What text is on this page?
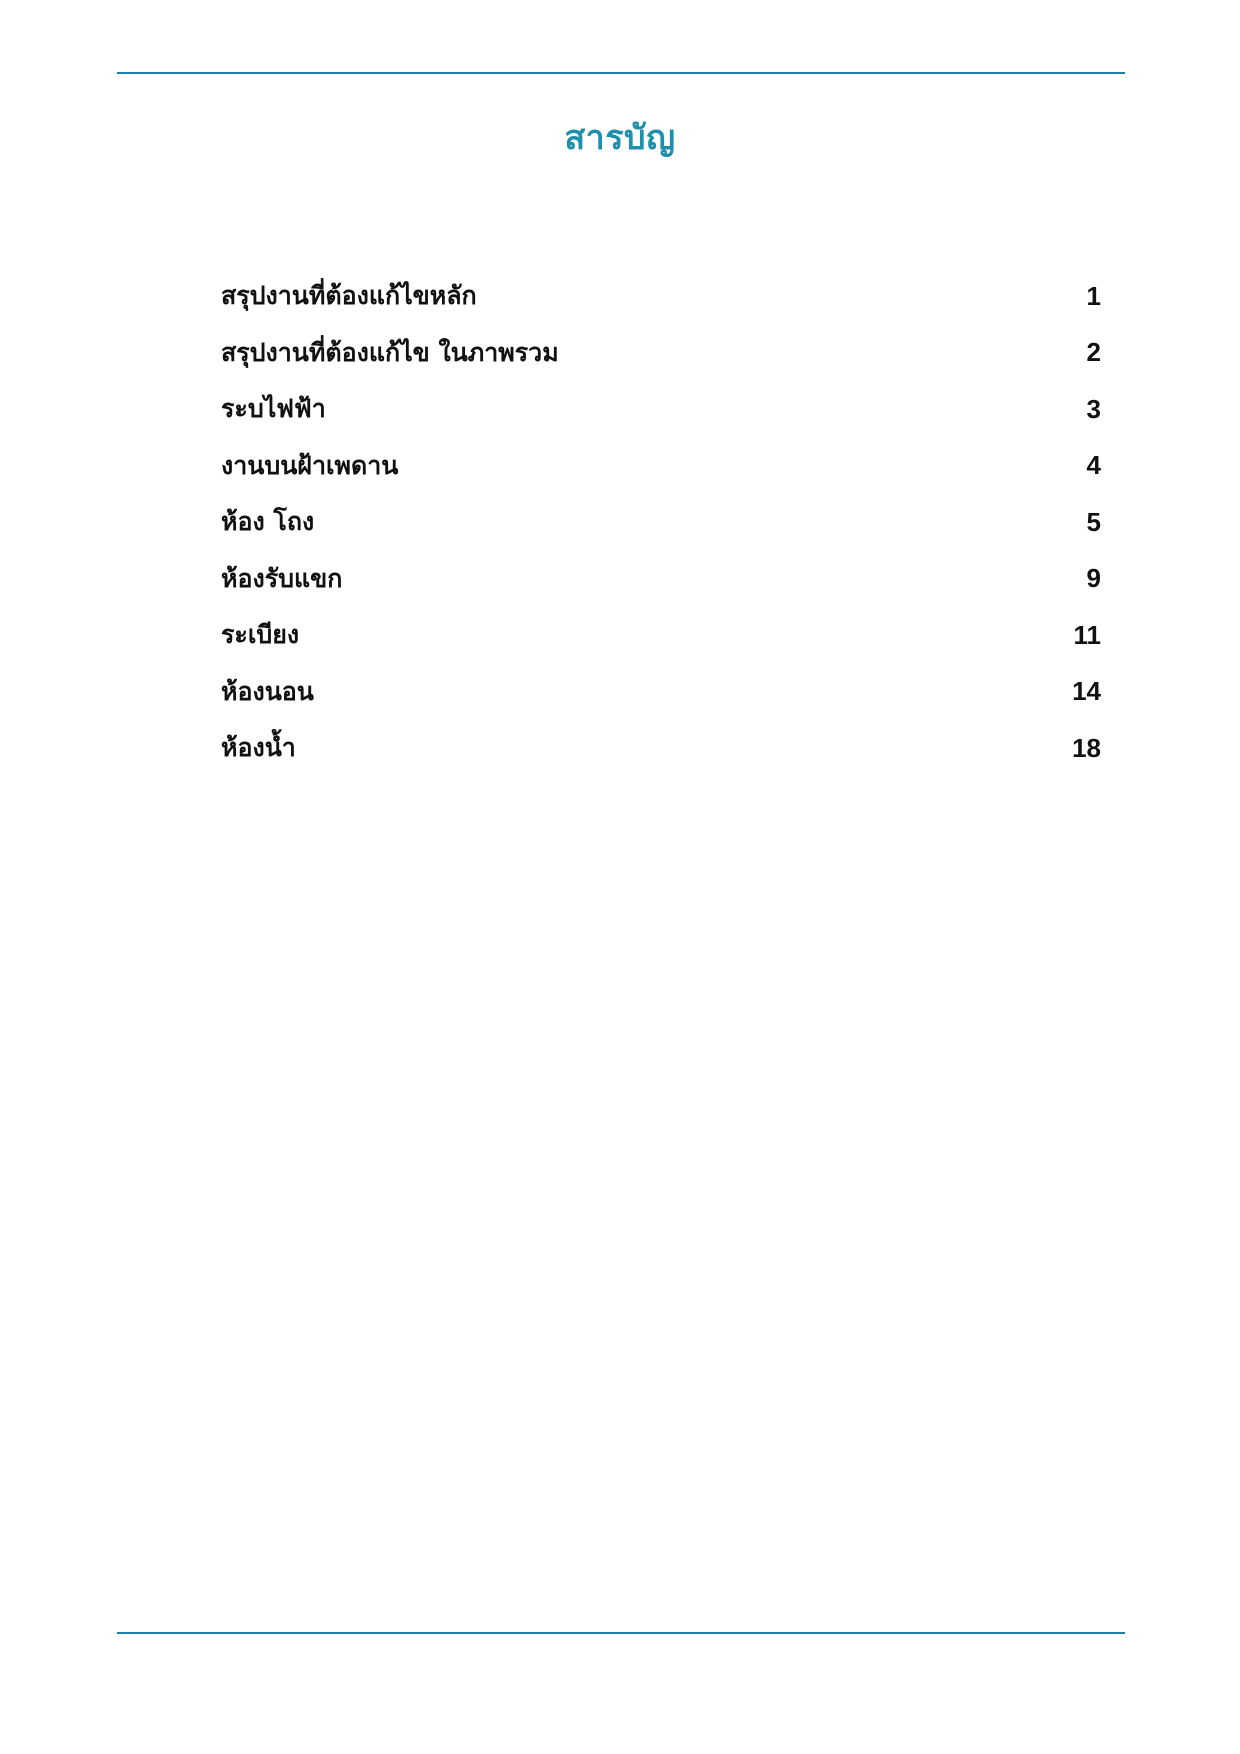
สารบัญ
สรุปงานที่ต้องแก้ไขหลัก	1
สรุปงานที่ต้องแก้ไข ในภาพรวม	2
ระบไฟฟ้า	3
งานบนฝ้าเพดาน	4
ห้อง โถง	5
ห้องรับแขก	9
ระเบียง	11
ห้องนอน	14
ห้องน้ำ	18
